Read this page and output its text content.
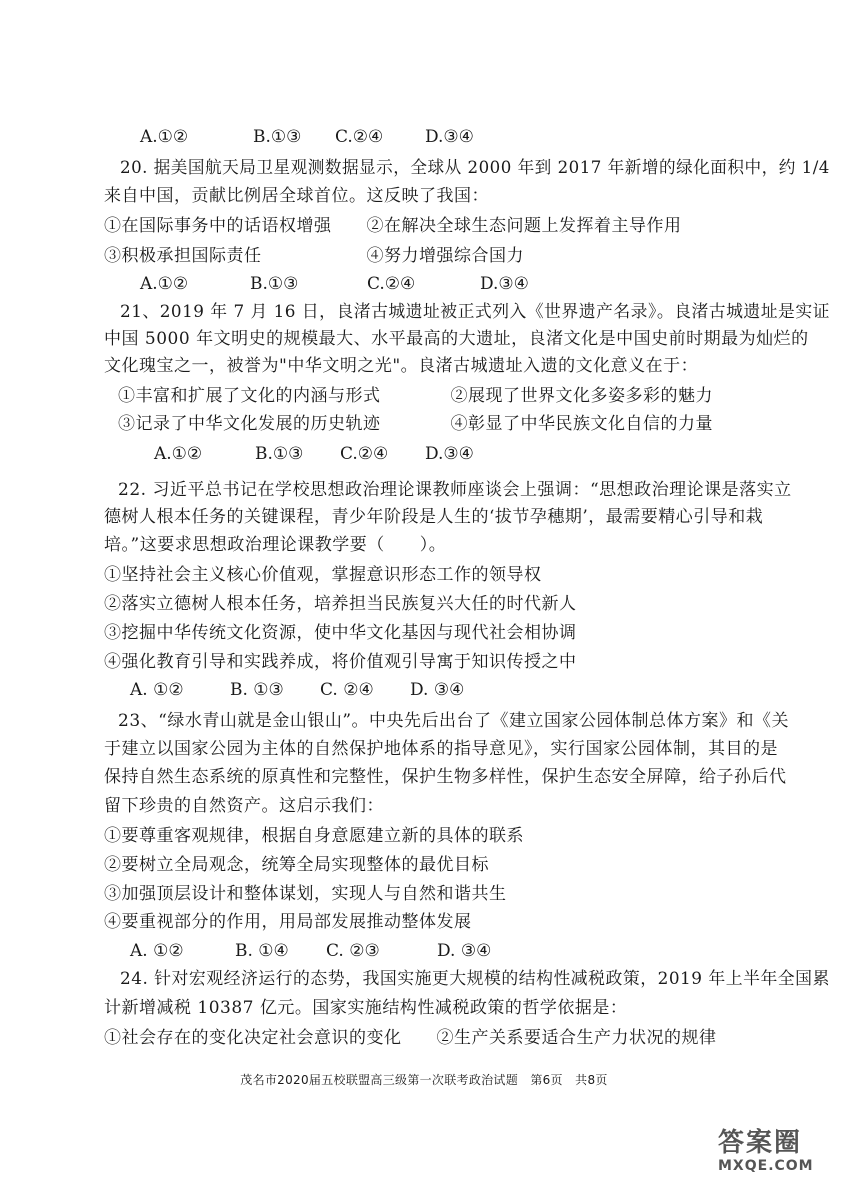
A.①②	B.①③ C.②④ D.③④
20. 据美国航天局卫星观测数据显示，全球从 2000 年到 2017 年新增的绿化面积中，约 1/4
来自中国，贡献比例居全球首位。这反映了我国：
①在国际事务中的话语权增强　　②在解决全球生态问题上发挥着主导作用
③积极承担国际责任　　　　　　④努力增强综合国力
A.①②	B.①③	C.②④	D.③④
21、2019 年 7 月 16 日，良渚古城遗址被正式列入《世界遗产名录》。良渚古城遗址是实证
中国 5000 年文明史的规模最大、水平最高的大遗址，良渚文化是中国史前时期最为灿烂的
文化瑰宝之一，被誉为"中华文明之光"。良渚古城遗址入遗的文化意义在于：
①丰富和扩展了文化的内涵与形式　　　　②展现了世界文化多姿多彩的魅力
③记录了中华文化发展的历史轨迹　　　　④彰显了中华民族文化自信的力量
A.①②	B.①③ C.②④ D.③④
22. 习近平总书记在学校思想政治理论课教师座谈会上强调：“思想政治理论课是落实立
德树人根本任务的关键课程，青少年阶段是人生的‘拔节孕穗期’，最需要精心引导和栽
培。”这要求思想政治理论课教学要（　　）。
①坚持社会主义核心价值观，掌握意识形态工作的领导权
②落实立德树人根本任务，培养担当民族复兴大任的时代新人
③挖掘中华传统文化资源，使中华文化基因与现代社会相协调
④强化教育引导和实践养成，将价值观引导寓于知识传授之中
A. ①②	B. ①③ C. ②④ D. ③④
23、“绿水青山就是金山银山”。中央先后出台了《建立国家公园体制总体方案》和《关
于建立以国家公园为主体的自然保护地体系的指导意见》，实行国家公园体制，其目的是
保持自然生态系统的原真性和完整性，保护生物多样性，保护生态安全屏障，给子孙后代
留下珍贵的自然资产。这启示我们：
①要尊重客观规律，根据自身意愿建立新的具体的联系
②要树立全局观念，统筹全局实现整体的最优目标
③加强顶层设计和整体谋划，实现人与自然和谐共生
④要重视部分的作用，用局部发展推动整体发展
A. ①②	B. ①④ C. ②③	D. ③④
24. 针对宏观经济运行的态势，我国实施更大规模的结构性减税政策，2019 年上半年全国累
计新增减税 10387 亿元。国家实施结构性减税政策的哲学依据是：
①社会存在的变化决定社会意识的变化　　②生产关系要适合生产力状况的规律
茂名市2020届五校联盟高三级第一次联考政治试题　第6页　共8页
答案圈
MXQE.COM
